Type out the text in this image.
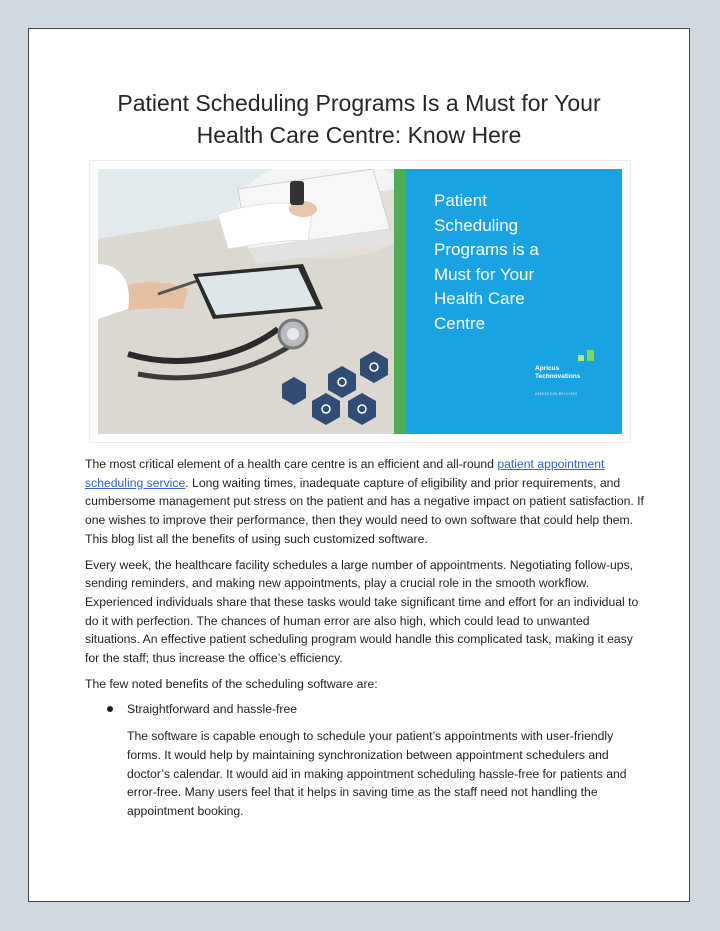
Patient Scheduling Programs Is a Must for Your
Health Care Centre: Know Here
Patient
Scheduling
Programs is a
Must for Your
Health Care
Centre
Apricus
Technovations
#MEDICALBILLING

The most critical element of a health care centre is an efficient and all-round patient appointment scheduling service. Long waiting times, inadequate capture of eligibility and prior requirements, and cumbersome management put stress on the patient and has a negative impact on patient satisfaction. If one wishes to improve their performance, then they would need to own software that could help them. This blog list all the benefits of using such customized software.

Every week, the healthcare facility schedules a large number of appointments. Negotiating follow-ups, sending reminders, and making new appointments, play a crucial role in the smooth workflow. Experienced individuals share that these tasks would take significant time and effort for an individual to do it with perfection. The chances of human error are also high, which could lead to unwanted situations. An effective patient scheduling program would handle this complicated task, making it easy for the staff; thus increase the office’s efficiency.

The few noted benefits of the scheduling software are:

Straightforward and hassle-free

The software is capable enough to schedule your patient’s appointments with user-friendly forms. It would help by maintaining synchronization between appointment schedulers and doctor’s calendar. It would aid in making appointment scheduling hassle-free for patients and error-free. Many users feel that it helps in saving time as the staff need not handling the appointment booking.
